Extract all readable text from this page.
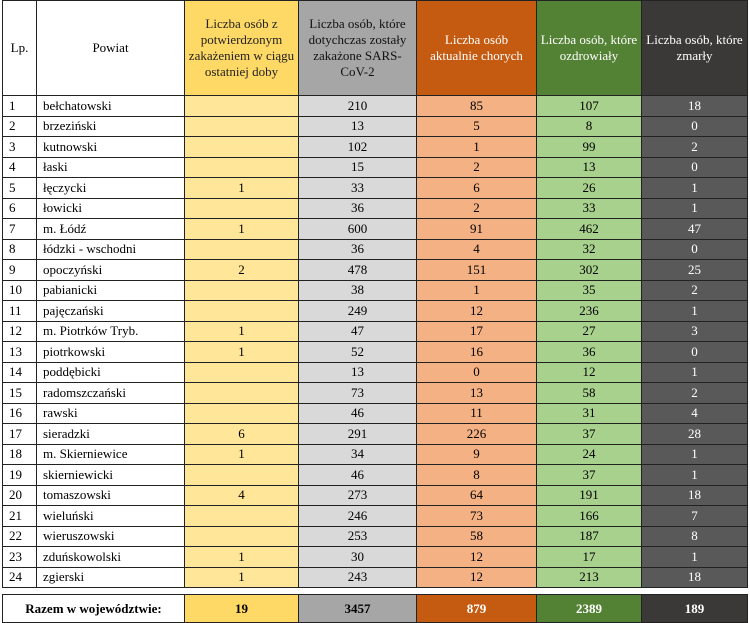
Lp.	Powiat	Liczba osób z potwierdzonym zakażeniem w ciągu ostatniej doby	Liczba osób, które dotychczas zostały zakażone SARS-CoV-2	Liczba osób aktualnie chorych	Liczba osób, które ozdrowiały	Liczba osób, które zmarły
1	bełchatowski		210	85	107	18
2	brzeziński		13	5	8	0
3	kutnowski		102	1	99	2
4	łaski		15	2	13	0
5	łęczycki	1	33	6	26	1
6	łowicki		36	2	33	1
7	m. Łódź	1	600	91	462	47
8	łódzki - wschodni		36	4	32	0
9	opoczyński	2	478	151	302	25
10	pabianicki		38	1	35	2
11	pajęczański		249	12	236	1
12	m. Piotrków Tryb.	1	47	17	27	3
13	piotrkowski	1	52	16	36	0
14	poddębicki		13	0	12	1
15	radomszczański		73	13	58	2
16	rawski		46	11	31	4
17	sieradzki	6	291	226	37	28
18	m. Skierniewice	1	34	9	24	1
19	skierniewicki		46	8	37	1
20	tomaszowski	4	273	64	191	18
21	wieluński		246	73	166	7
22	wieruszowski		253	58	187	8
23	zduńskowolski	1	30	12	17	1
24	zgierski	1	243	12	213	18

Razem w województwie:		19	3457	879	2389	189
